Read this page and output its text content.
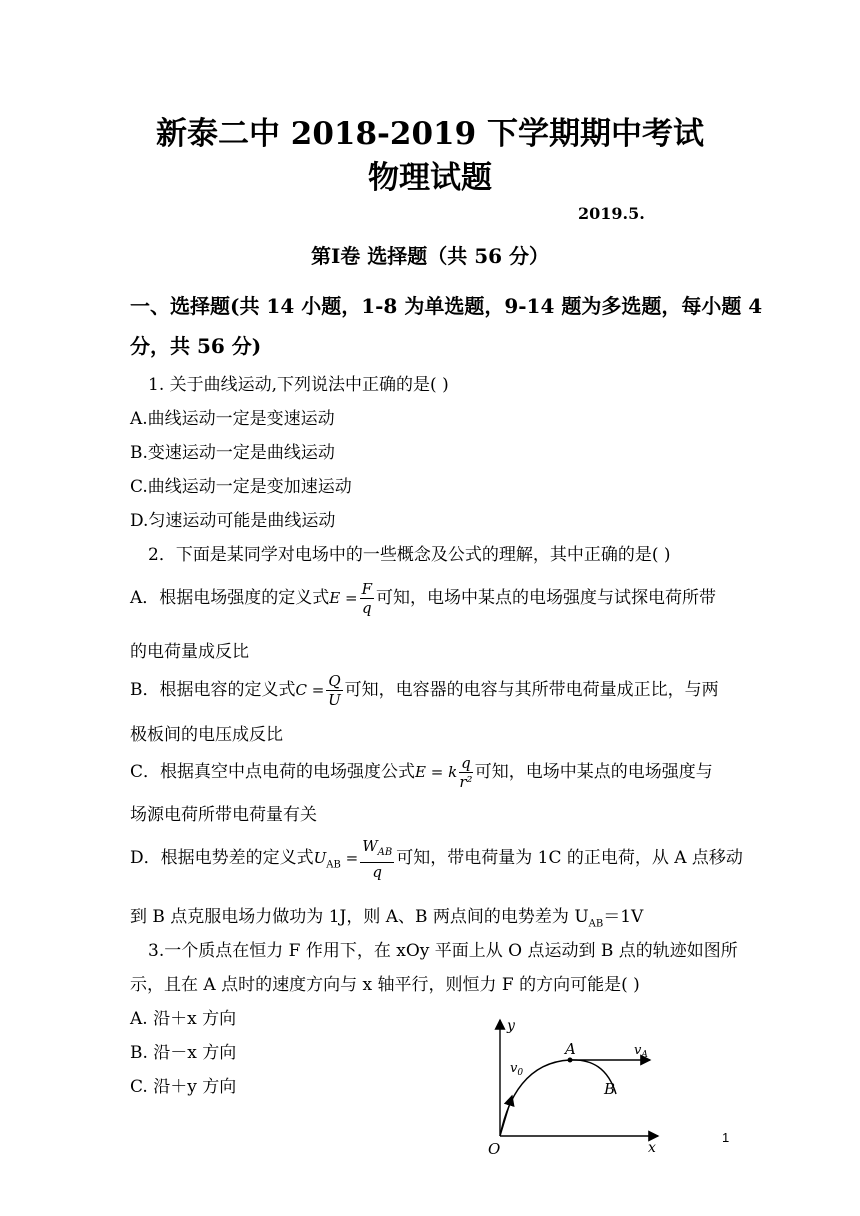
新泰二中 2018-2019 下学期期中考试
物理试题
2019.5.
第Ⅰ卷 选择题（共 56 分）
一、选择题(共 14 小题，1-8 为单选题，9-14 题为多选题，每小题 4
分，共 56 分)
1. 关于曲线运动,下列说法中正确的是( )
A.曲线运动一定是变速运动
B.变速运动一定是曲线运动
C.曲线运动一定是变加速运动
D.匀速运动可能是曲线运动
2．下面是某同学对电场中的一些概念及公式的理解，其中正确的是( )
A．根据电场强度的定义式$E = \frac{F}{q}$ 可知，电场中某点的电场强度与试探电荷所带
的电荷量成反比
B．根据电容的定义式$C = \frac{Q}{U}$ 可知，电容器的电容与其所带电荷量成正比，与两
极板间的电压成反比
C．根据真空中点电荷的电场强度公式E = k $\frac{q}{\text{r²}}$ 可知，电场中某点的电场强度与
场源电荷所带电荷量有关
D．根据电势差的定义式$U_{AB} = \frac{W_{AB}}{q}$ 可知，带电荷量为 1C 的正电荷，从 A 点移动
到 B 点克服电场力做功为 1J，则 A、B 两点间的电势差为 $U_{AB}=1V$
3.一个质点在恒力 F 作用下，在 xOy 平面上从 O 点运动到 B 点的轨迹如图所
示，且在 A 点时的速度方向与 x 轴平行，则恒力 F 的方向可能是( )
A. 沿＋x 方向
B. 沿－x 方向
C. 沿＋y 方向
y
x
O
A
B
$v_0$
$v_A$
1
